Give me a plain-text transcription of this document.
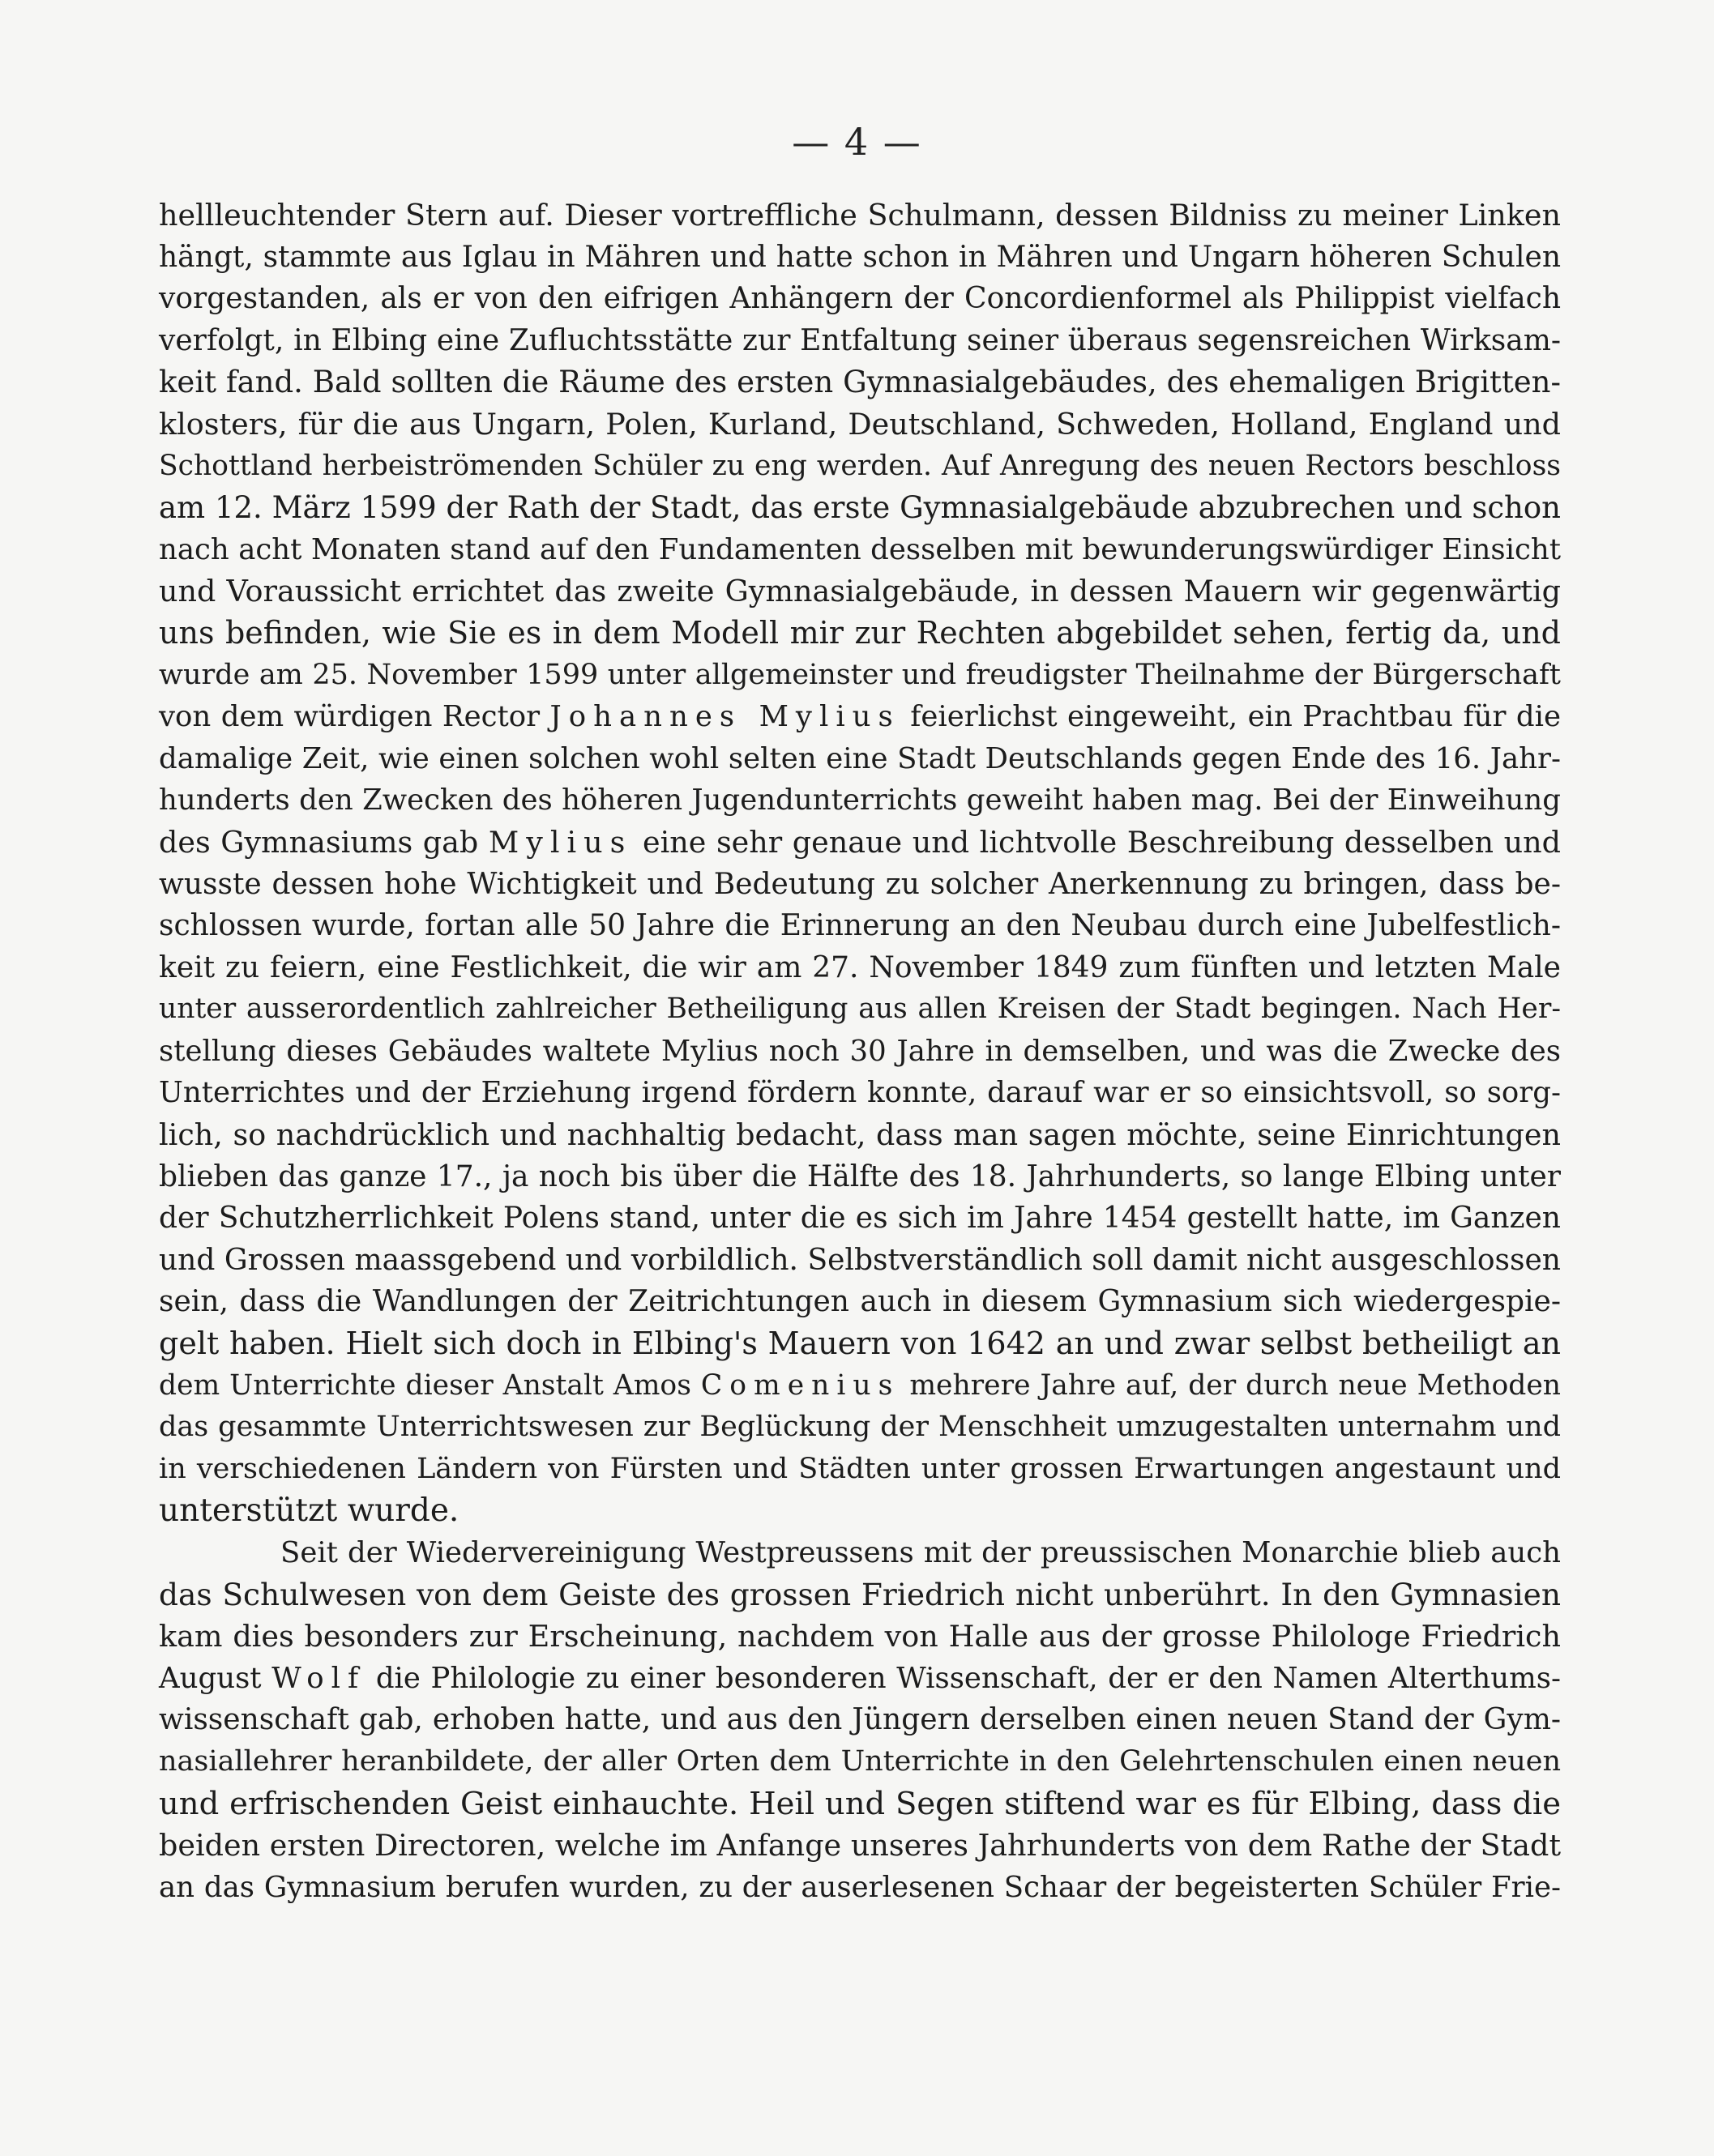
— 4 —
hellleuchtender Stern auf. Dieser vortreffliche Schulmann, dessen Bildniss zu meiner Linken
hängt, stammte aus Iglau in Mähren und hatte schon in Mähren und Ungarn höheren Schulen
vorgestanden, als er von den eifrigen Anhängern der Concordienformel als Philippist vielfach
verfolgt, in Elbing eine Zufluchtsstätte zur Entfaltung seiner überaus segensreichen Wirksam-
keit fand. Bald sollten die Räume des ersten Gymnasialgebäudes, des ehemaligen Brigitten-
klosters, für die aus Ungarn, Polen, Kurland, Deutschland, Schweden, Holland, England und
Schottland herbeiströmenden Schüler zu eng werden. Auf Anregung des neuen Rectors beschloss
am 12. März 1599 der Rath der Stadt, das erste Gymnasialgebäude abzubrechen und schon
nach acht Monaten stand auf den Fundamenten desselben mit bewunderungswürdiger Einsicht
und Voraussicht errichtet das zweite Gymnasialgebäude, in dessen Mauern wir gegenwärtig
uns befinden, wie Sie es in dem Modell mir zur Rechten abgebildet sehen, fertig da, und
wurde am 25. November 1599 unter allgemeinster und freudigster Theilnahme der Bürgerschaft
von dem würdigen Rector Johannes Mylius feierlichst eingeweiht, ein Prachtbau für die
damalige Zeit, wie einen solchen wohl selten eine Stadt Deutschlands gegen Ende des 16. Jahr-
hunderts den Zwecken des höheren Jugendunterrichts geweiht haben mag. Bei der Einweihung
des Gymnasiums gab Mylius eine sehr genaue und lichtvolle Beschreibung desselben und
wusste dessen hohe Wichtigkeit und Bedeutung zu solcher Anerkennung zu bringen, dass be-
schlossen wurde, fortan alle 50 Jahre die Erinnerung an den Neubau durch eine Jubelfestlich-
keit zu feiern, eine Festlichkeit, die wir am 27. November 1849 zum fünften und letzten Male
unter ausserordentlich zahlreicher Betheiligung aus allen Kreisen der Stadt begingen. Nach Her-
stellung dieses Gebäudes waltete Mylius noch 30 Jahre in demselben, und was die Zwecke des
Unterrichtes und der Erziehung irgend fördern konnte, darauf war er so einsichtsvoll, so sorg-
lich, so nachdrücklich und nachhaltig bedacht, dass man sagen möchte, seine Einrichtungen
blieben das ganze 17., ja noch bis über die Hälfte des 18. Jahrhunderts, so lange Elbing unter
der Schutzherrlichkeit Polens stand, unter die es sich im Jahre 1454 gestellt hatte, im Ganzen
und Grossen maassgebend und vorbildlich. Selbstverständlich soll damit nicht ausgeschlossen
sein, dass die Wandlungen der Zeitrichtungen auch in diesem Gymnasium sich wiedergespie-
gelt haben. Hielt sich doch in Elbing's Mauern von 1642 an und zwar selbst betheiligt an
dem Unterrichte dieser Anstalt Amos Comenius mehrere Jahre auf, der durch neue Methoden
das gesammte Unterrichtswesen zur Beglückung der Menschheit umzugestalten unternahm und
in verschiedenen Ländern von Fürsten und Städten unter grossen Erwartungen angestaunt und
unterstützt wurde.
Seit der Wiedervereinigung Westpreussens mit der preussischen Monarchie blieb auch
das Schulwesen von dem Geiste des grossen Friedrich nicht unberührt. In den Gymnasien
kam dies besonders zur Erscheinung, nachdem von Halle aus der grosse Philologe Friedrich
August Wolf die Philologie zu einer besonderen Wissenschaft, der er den Namen Alterthums-
wissenschaft gab, erhoben hatte, und aus den Jüngern derselben einen neuen Stand der Gym-
nasiallehrer heranbildete, der aller Orten dem Unterrichte in den Gelehrtenschulen einen neuen
und erfrischenden Geist einhauchte. Heil und Segen stiftend war es für Elbing, dass die
beiden ersten Directoren, welche im Anfange unseres Jahrhunderts von dem Rathe der Stadt
an das Gymnasium berufen wurden, zu der auserlesenen Schaar der begeisterten Schüler Frie-
